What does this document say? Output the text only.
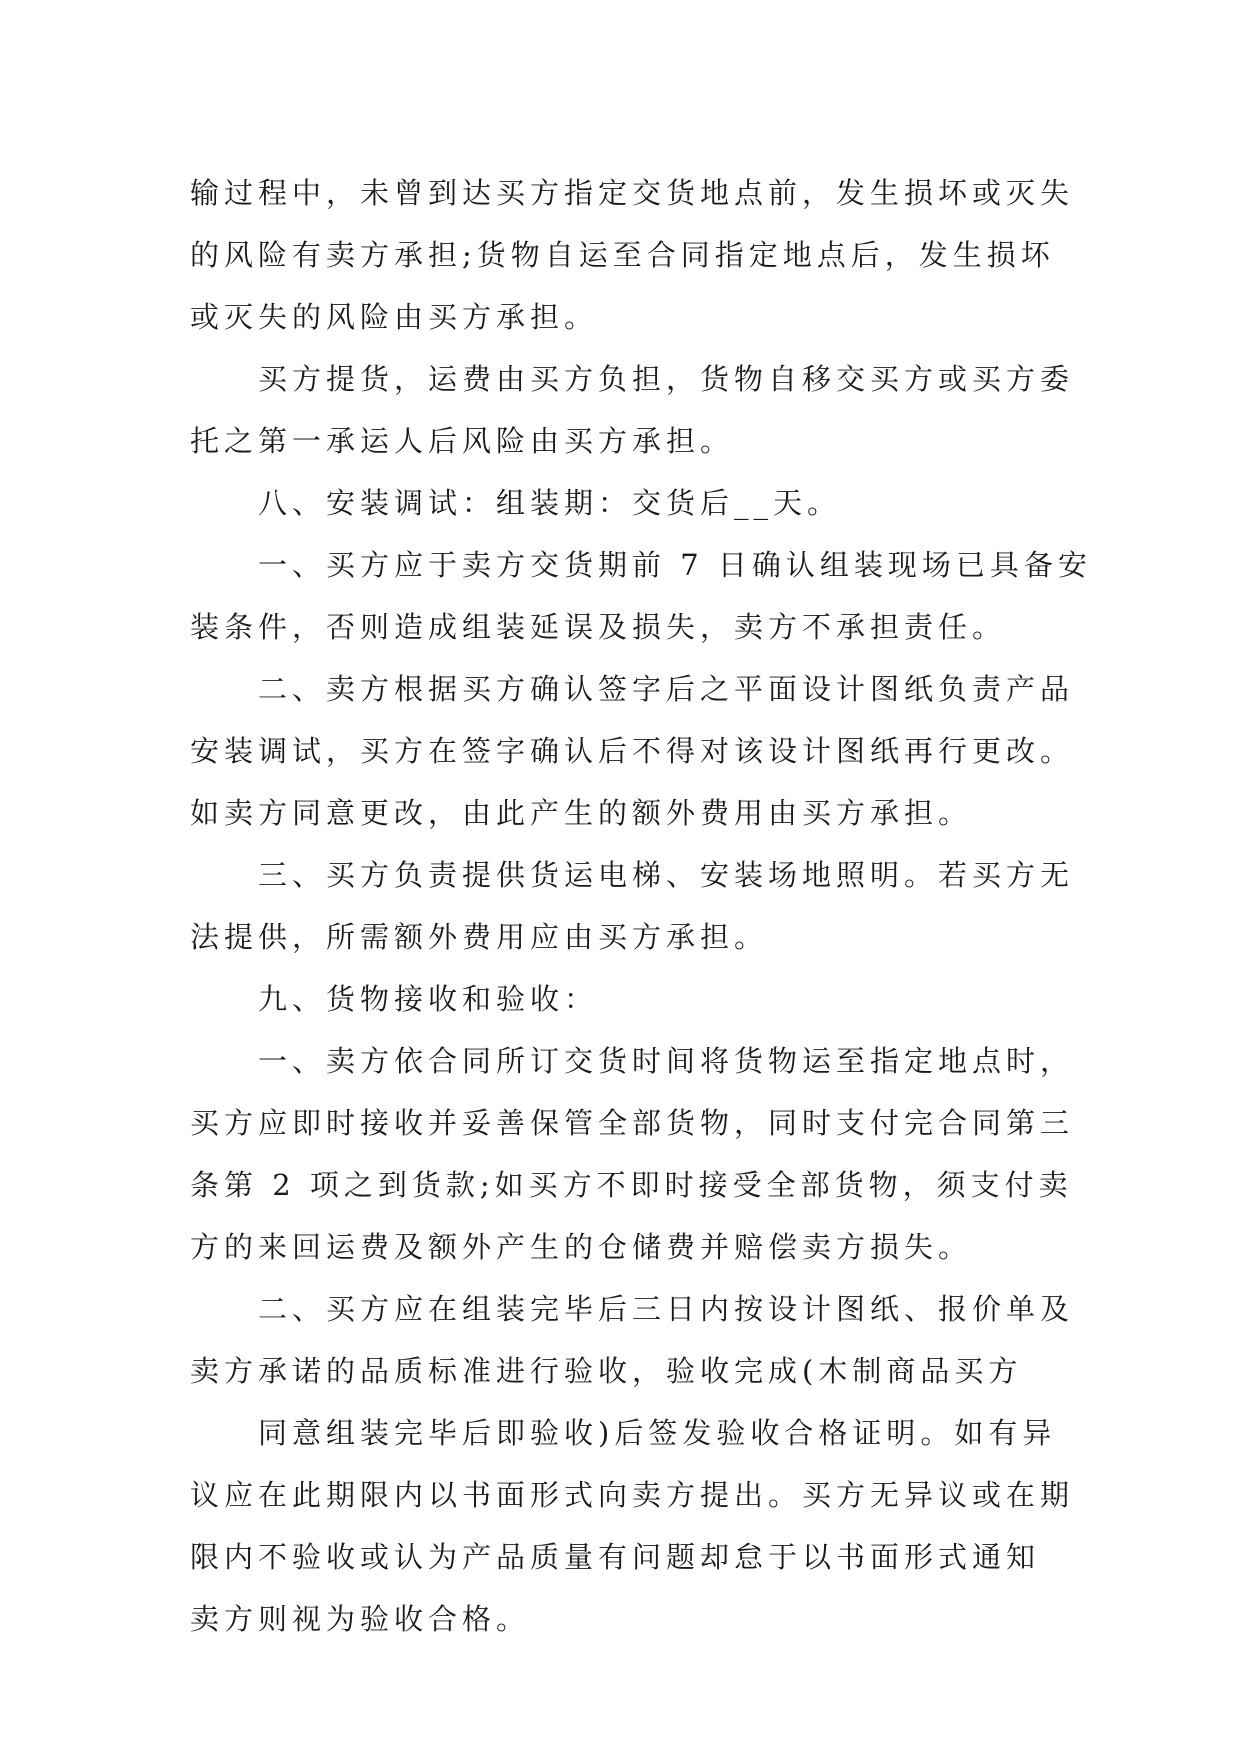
输过程中，未曾到达买方指定交货地点前，发生损坏或灭失
的风险有卖方承担;货物自运至合同指定地点后，发生损坏
或灭失的风险由买方承担。
买方提货，运费由买方负担，货物自移交买方或买方委
托之第一承运人后风险由买方承担。
八、安装调试：组装期：交货后__天。
一、买方应于卖方交货期前 7 日确认组装现场已具备安
装条件，否则造成组装延误及损失，卖方不承担责任。
二、卖方根据买方确认签字后之平面设计图纸负责产品
安装调试，买方在签字确认后不得对该设计图纸再行更改。
如卖方同意更改，由此产生的额外费用由买方承担。
三、买方负责提供货运电梯、安装场地照明。若买方无
法提供，所需额外费用应由买方承担。
九、货物接收和验收：
一、卖方依合同所订交货时间将货物运至指定地点时，
买方应即时接收并妥善保管全部货物，同时支付完合同第三
条第 2 项之到货款;如买方不即时接受全部货物，须支付卖
方的来回运费及额外产生的仓储费并赔偿卖方损失。
二、买方应在组装完毕后三日内按设计图纸、报价单及
卖方承诺的品质标准进行验收，验收完成(木制商品买方
同意组装完毕后即验收)后签发验收合格证明。如有异
议应在此期限内以书面形式向卖方提出。买方无异议或在期
限内不验收或认为产品质量有问题却怠于以书面形式通知
卖方则视为验收合格。
